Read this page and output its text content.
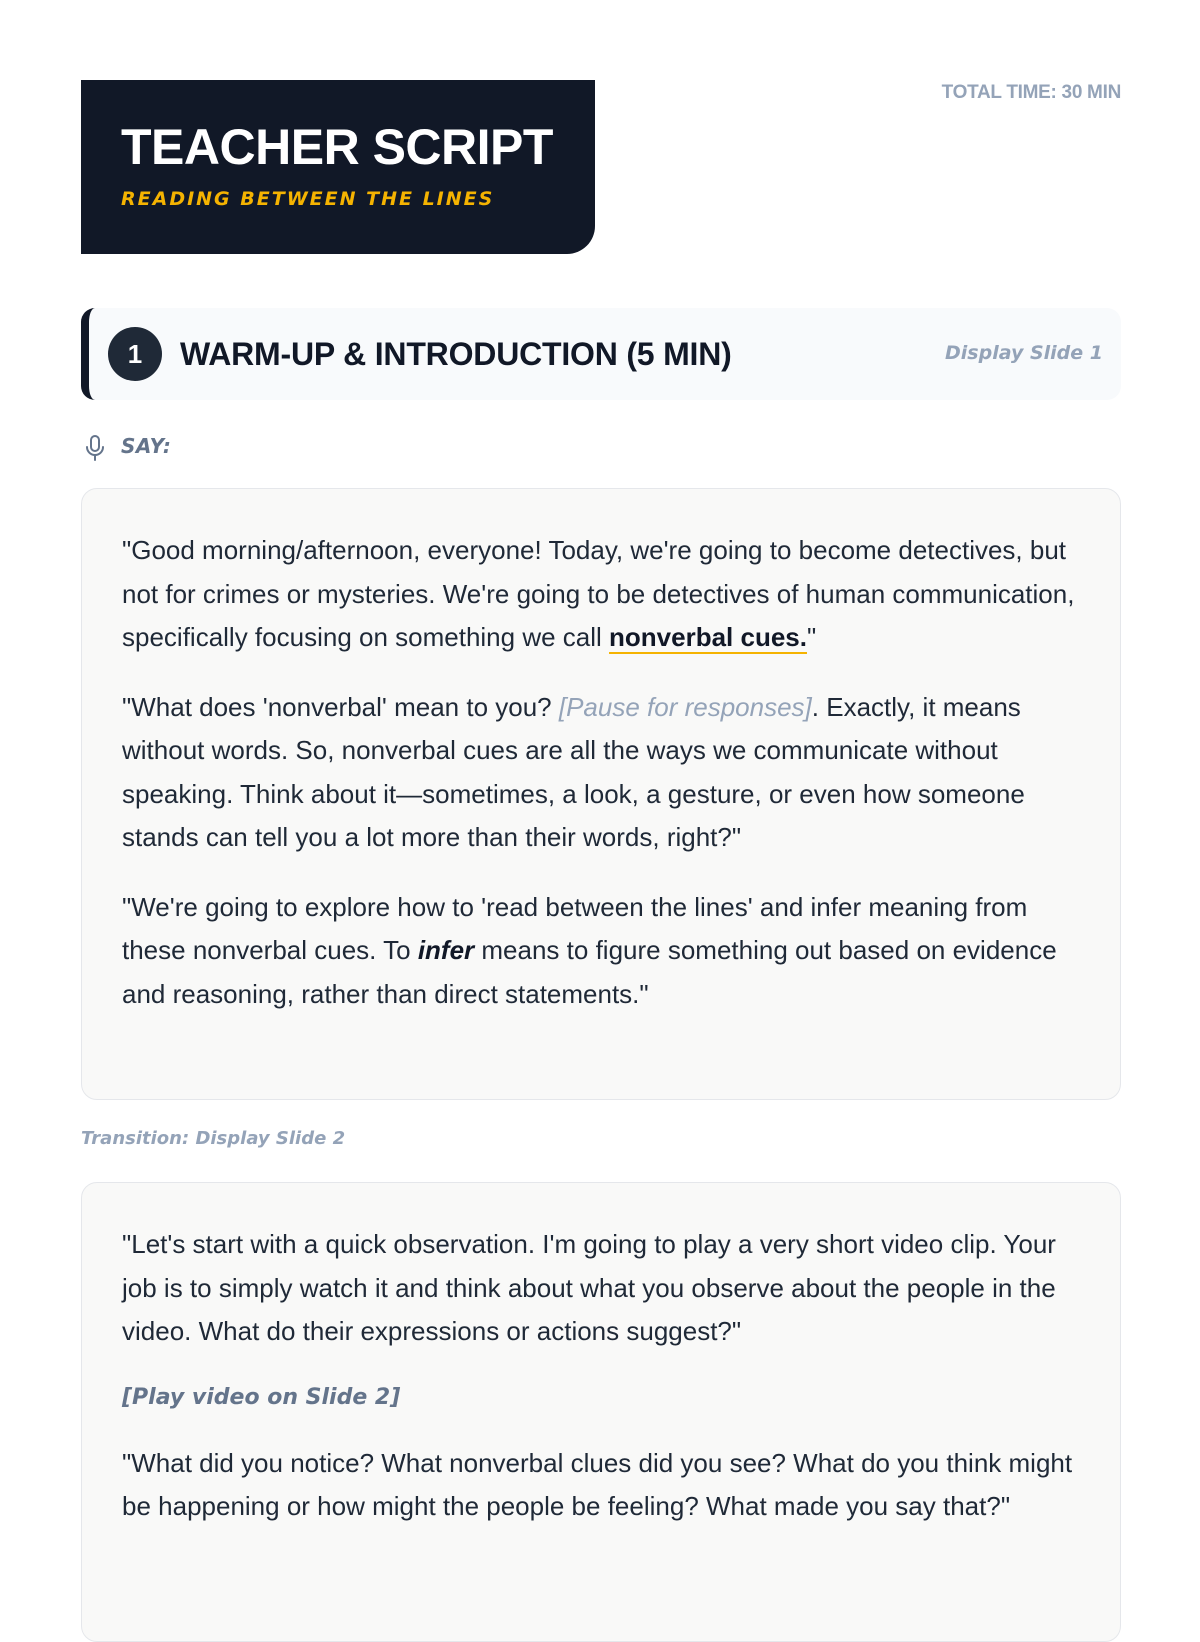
TEACHER SCRIPT
READING BETWEEN THE LINES
TOTAL TIME: 30 MIN
1	WARM-UP & INTRODUCTION (5 MIN)	Display Slide 1
SAY:

"Good morning/afternoon, everyone! Today, we're going to become detectives, but not for crimes or mysteries. We're going to be detectives of human communication, specifically focusing on something we call nonverbal cues."

"What does 'nonverbal' mean to you? [Pause for responses]. Exactly, it means without words. So, nonverbal cues are all the ways we communicate without speaking. Think about it—sometimes, a look, a gesture, or even how someone stands can tell you a lot more than their words, right?"

"We're going to explore how to 'read between the lines' and infer meaning from these nonverbal cues. To infer means to figure something out based on evidence and reasoning, rather than direct statements."

Transition: Display Slide 2

"Let's start with a quick observation. I'm going to play a very short video clip. Your job is to simply watch it and think about what you observe about the people in the video. What do their expressions or actions suggest?"

[Play video on Slide 2]

"What did you notice? What nonverbal clues did you see? What do you think might be happening or how might the people be feeling? What made you say that?"
